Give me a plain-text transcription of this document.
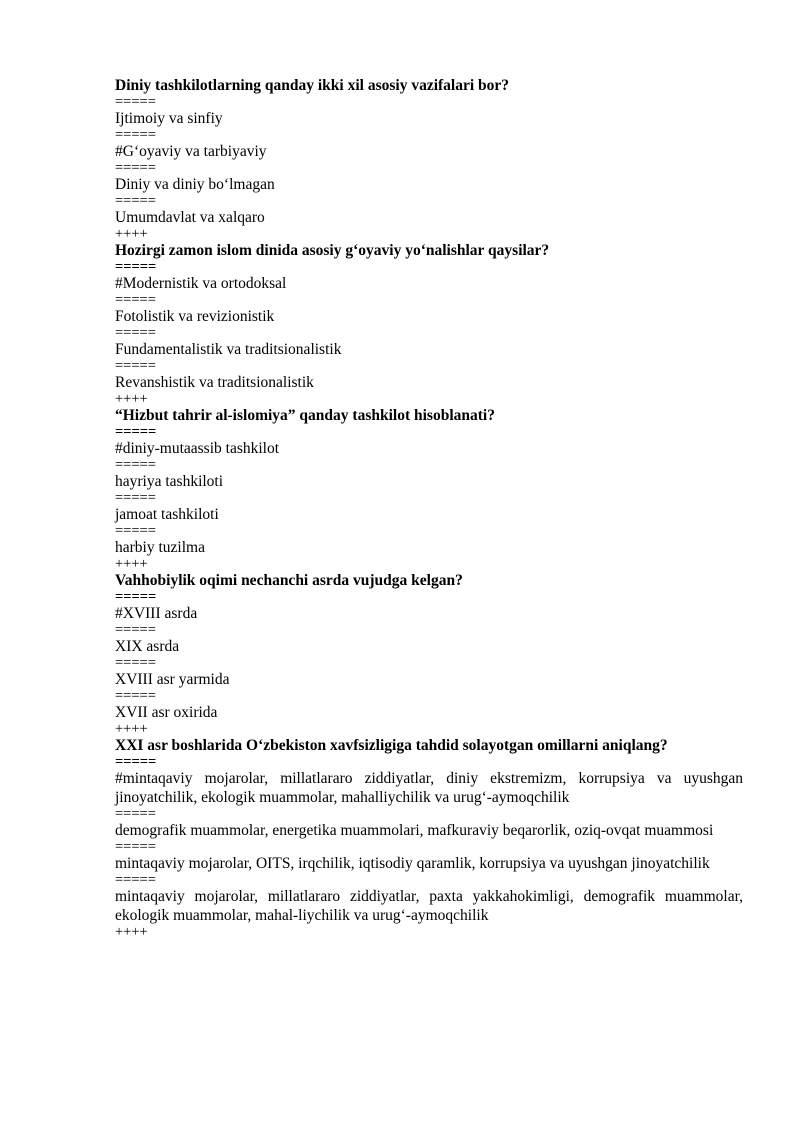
Diniy tashkilotlarning qanday ikki xil asosiy vazifalari bor?
=====
Ijtimoiy va sinfiy
=====
#G‘oyaviy va tarbiyaviy
=====
Diniy va diniy bo‘lmagan
=====
Umumdavlat va xalqaro
++++
Hozirgi zamon islom dinida asosiy g‘oyaviy yo‘nalishlar qaysilar?
=====
#Modernistik va ortodoksal
=====
Fotolistik va revizionistik
=====
Fundamentalistik va traditsionalistik
=====
Revanshistik va traditsionalistik
++++
“Hizbut tahrir al-islomiya” qanday tashkilot hisoblanati?
=====
#diniy-mutaassib tashkilot
=====
hayriya tashkiloti
=====
jamoat tashkiloti
=====
harbiy tuzilma
++++
Vahhobiylik oqimi nechanchi asrda vujudga kelgan?
=====
#XVIII asrda
=====
XIX asrda
=====
XVIII asr yarmida
=====
XVII asr oxirida
++++
XXI asr boshlarida O‘zbekiston xavfsizligiga tahdid solayotgan omillarni aniqlang?
=====
#mintaqaviy mojarolar, millatlararo ziddiyatlar, diniy ekstremizm, korrupsiya va uyushgan jinoyatchilik, ekologik muammolar, mahalliychilik va urug‘-aymoqchilik
=====
demografik muammolar, energetika muammolari, mafkuraviy beqarorlik, oziq-ovqat muammosi
=====
mintaqaviy mojarolar, OITS, irqchilik, iqtisodiy qaramlik, korrupsiya va uyushgan jinoyatchilik
=====
mintaqaviy mojarolar, millatlararo ziddiyatlar, paxta yakkahokimligi, demografik muammolar, ekologik muammolar, mahal-liychilik va urug‘-aymoqchilik
++++
